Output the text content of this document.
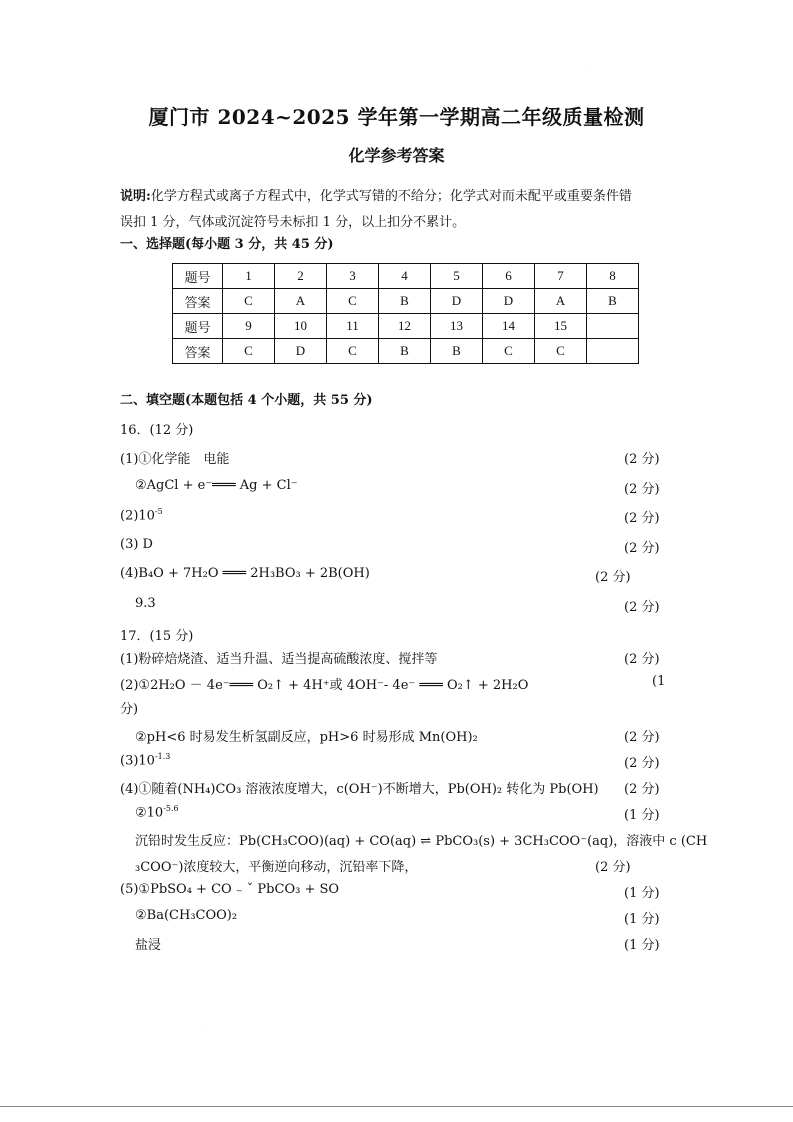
·
厦门市 2024~2025 学年第一学期高二年级质量检测
化学参考答案
说明:化学方程式或离子方程式中，化学式写错的不给分；化学式对而未配平或重要条件错
误扣 1 分，气体或沉淀符号未标扣 1 分，以上扣分不累计。
一、选择题(每小题 3 分，共 45 分)
题号	1	2	3	4	5	6	7	8
答案	C	A	C	B	D	D	A	B
题号	9	10	11	12	13	14	15	
答案	C	D	C	B	B	C	C	
二、填空题(本题包括 4 个小题，共 55 分)
16．(12 分)
(1)①化学能　电能	(2 分)
②AgCl + e⁻═══ Ag + Cl⁻	(2 分)
$(2)10^{-5}$	(2 分)
(3) D	(2 分)
(4)B₄O + 7H₂O ═══ 2H₃BO₃ + 2B(OH)	(2 分)
9.3	(2 分)
17．(15 分)
(1)粉碎焙烧渣、适当升温、适当提高硫酸浓度、搅拌等	(2 分)
(2)①2H₂O － 4e⁻═══ O₂↑ + 4H⁺或 4OH⁻- 4e⁻ ═══ O₂↑ + 2H₂O	(1
分)
②pH<6 时易发生析氢副反应，pH>6 时易形成 Mn(OH)₂	(2 分)
$(3)10^{-1.3}$	(2 分)
(4)①随着(NH₄)CO₃ 溶液浓度增大，c(OH⁻)不断增大，Pb(OH)₂ 转化为 Pb(OH) (2 分)
$②10^{-5.6}$	(1 分)
沉铅时发生反应：Pb(CH₃COO)(aq) + CO(aq) ⇌ PbCO₃(s) + 3CH₃COO⁻(aq)，溶液中 c (CH
₃COO⁻)浓度较大，平衡逆向移动，沉铅率下降，	(2 分)
(5)①PbSO₄ + CO ₋ ˇ PbCO₃ + SO	(1 分)
②Ba(CH₃COO)₂	(1 分)
盐浸	(1 分)
·
